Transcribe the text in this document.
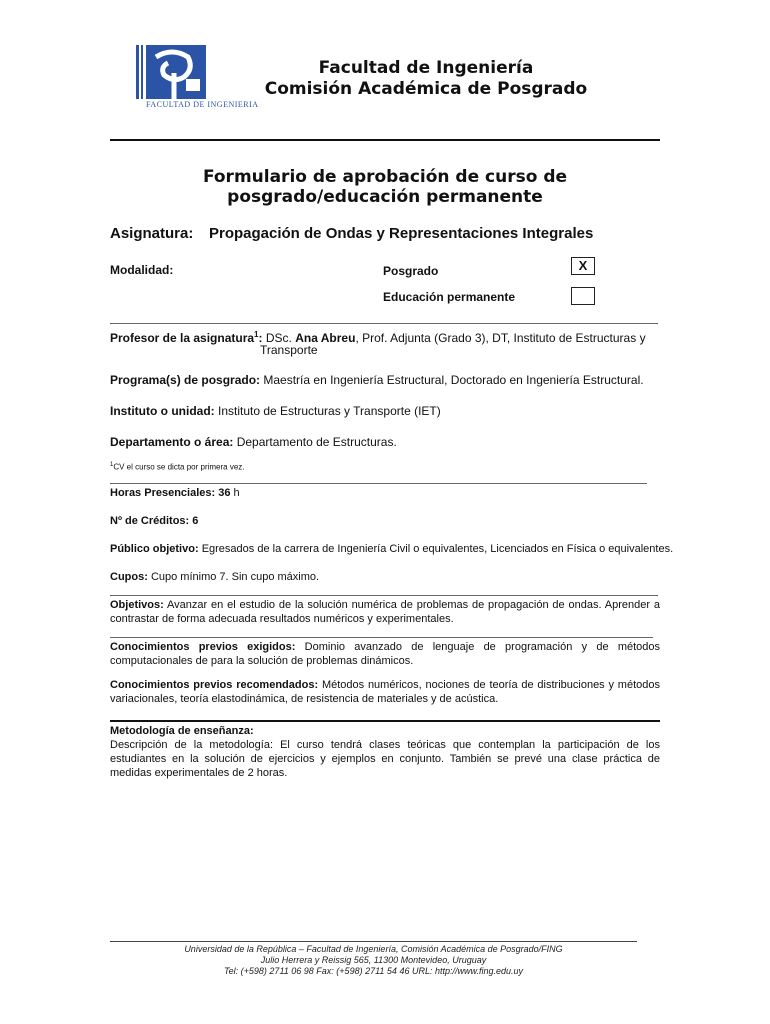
FACULTAD DE INGENIERIA
Facultad de Ingeniería
Comisión Académica de Posgrado
Formulario de aprobación de curso de
posgrado/educación permanente
Asignatura: Propagación de Ondas y Representaciones Integrales
Modalidad:	Posgrado	X
Educación permanente
Profesor de la asignatura$^1$: DSc. Ana Abreu, Prof. Adjunta (Grado 3), DT, Instituto de Estructuras y
Transporte
Programa(s) de posgrado: Maestría en Ingeniería Estructural, Doctorado en Ingeniería Estructural.
Instituto o unidad: Instituto de Estructuras y Transporte (IET)
Departamento o área: Departamento de Estructuras.
$^1$CV el curso se dicta por primera vez.
Horas Presenciales: 36 h
Nº de Créditos: 6
Público objetivo: Egresados de la carrera de Ingeniería Civil o equivalentes, Licenciados en Física o equivalentes.
Cupos: Cupo mínimo 7. Sin cupo máximo.
Objetivos: Avanzar en el estudio de la solución numérica de problemas de propagación de ondas. Aprender a contrastar de forma adecuada resultados numéricos y experimentales.
Conocimientos previos exigidos: Dominio avanzado de lenguaje de programación y de métodos computacionales de para la solución de problemas dinámicos.
Conocimientos previos recomendados: Métodos numéricos, nociones de teoría de distribuciones y métodos variacionales, teoría elastodinámica, de resistencia de materiales y de acústica.
Metodología de enseñanza:
Descripción de la metodología: El curso tendrá clases teóricas que contemplan la participación de los estudiantes en la solución de ejercicios y ejemplos en conjunto. También se prevé una clase práctica de medidas experimentales de 2 horas.
Universidad de la República – Facultad de Ingeniería, Comisión Académica de Posgrado/FING
Julio Herrera y Reissig 565, 11300 Montevideo, Uruguay
Tel: (+598) 2711 06 98 Fax: (+598) 2711 54 46 URL: http://www.fing.edu.uy
